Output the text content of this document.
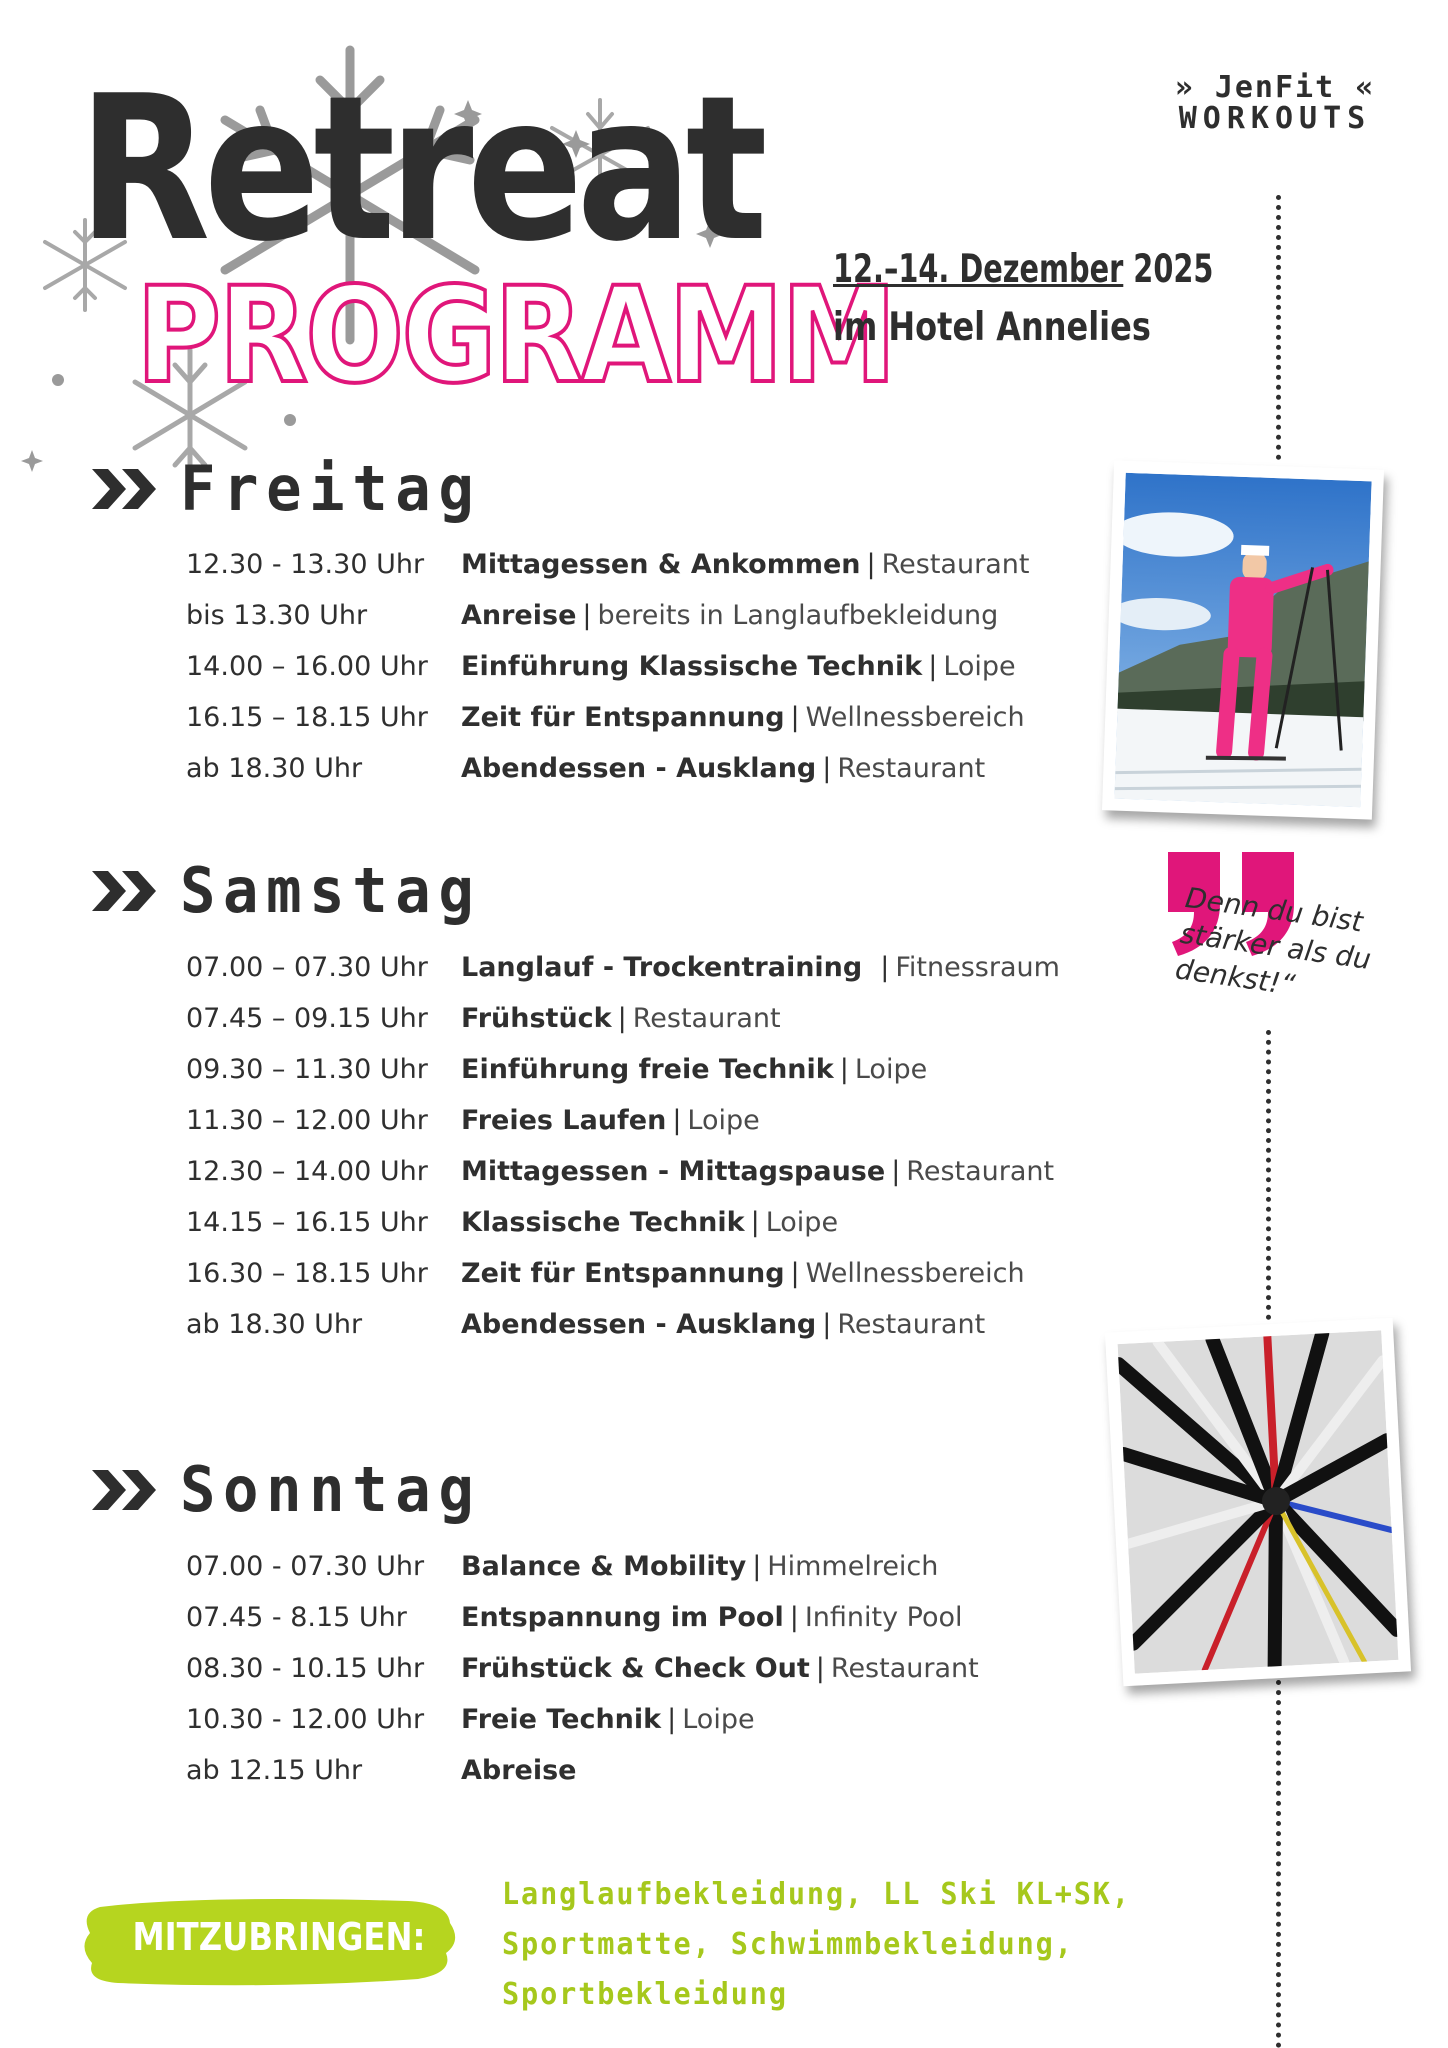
Retreat
PROGRAMM
» JenFit «
WORKOUTS
12.–14. Dezember 2025
im Hotel Annelies
Freitag
12.30 - 13.30 Uhr	Mittagessen & Ankommen | Restaurant
bis 13.30 Uhr	Anreise | bereits in Langlaufbekleidung
14.00 – 16.00 Uhr	Einführung Klassische Technik | Loipe
16.15 – 18.15 Uhr	Zeit für Entspannung | Wellnessbereich
ab 18.30 Uhr	Abendessen - Ausklang | Restaurant
Samstag
07.00 – 07.30 Uhr	Langlauf - Trockentraining | Fitnessraum
07.45 – 09.15 Uhr	Frühstück | Restaurant
09.30 – 11.30 Uhr	Einführung freie Technik | Loipe
11.30 – 12.00 Uhr	Freies Laufen | Loipe
12.30 – 14.00 Uhr	Mittagessen - Mittagspause | Restaurant
14.15 – 16.15 Uhr	Klassische Technik | Loipe
16.30 – 18.15 Uhr	Zeit für Entspannung | Wellnessbereich
ab 18.30 Uhr	Abendessen - Ausklang | Restaurant
Denn du bist stärker als du denkst!“
Sonntag
07.00 - 07.30 Uhr	Balance & Mobility | Himmelreich
07.45 - 8.15 Uhr	Entspannung im Pool | Infinity Pool
08.30 - 10.15 Uhr	Frühstück & Check Out | Restaurant
10.30 - 12.00 Uhr	Freie Technik | Loipe
ab 12.15 Uhr	Abreise
MITZUBRINGEN:
Langlaufbekleidung, LL Ski KL+SK,
Sportmatte, Schwimmbekleidung,
Sportbekleidung
